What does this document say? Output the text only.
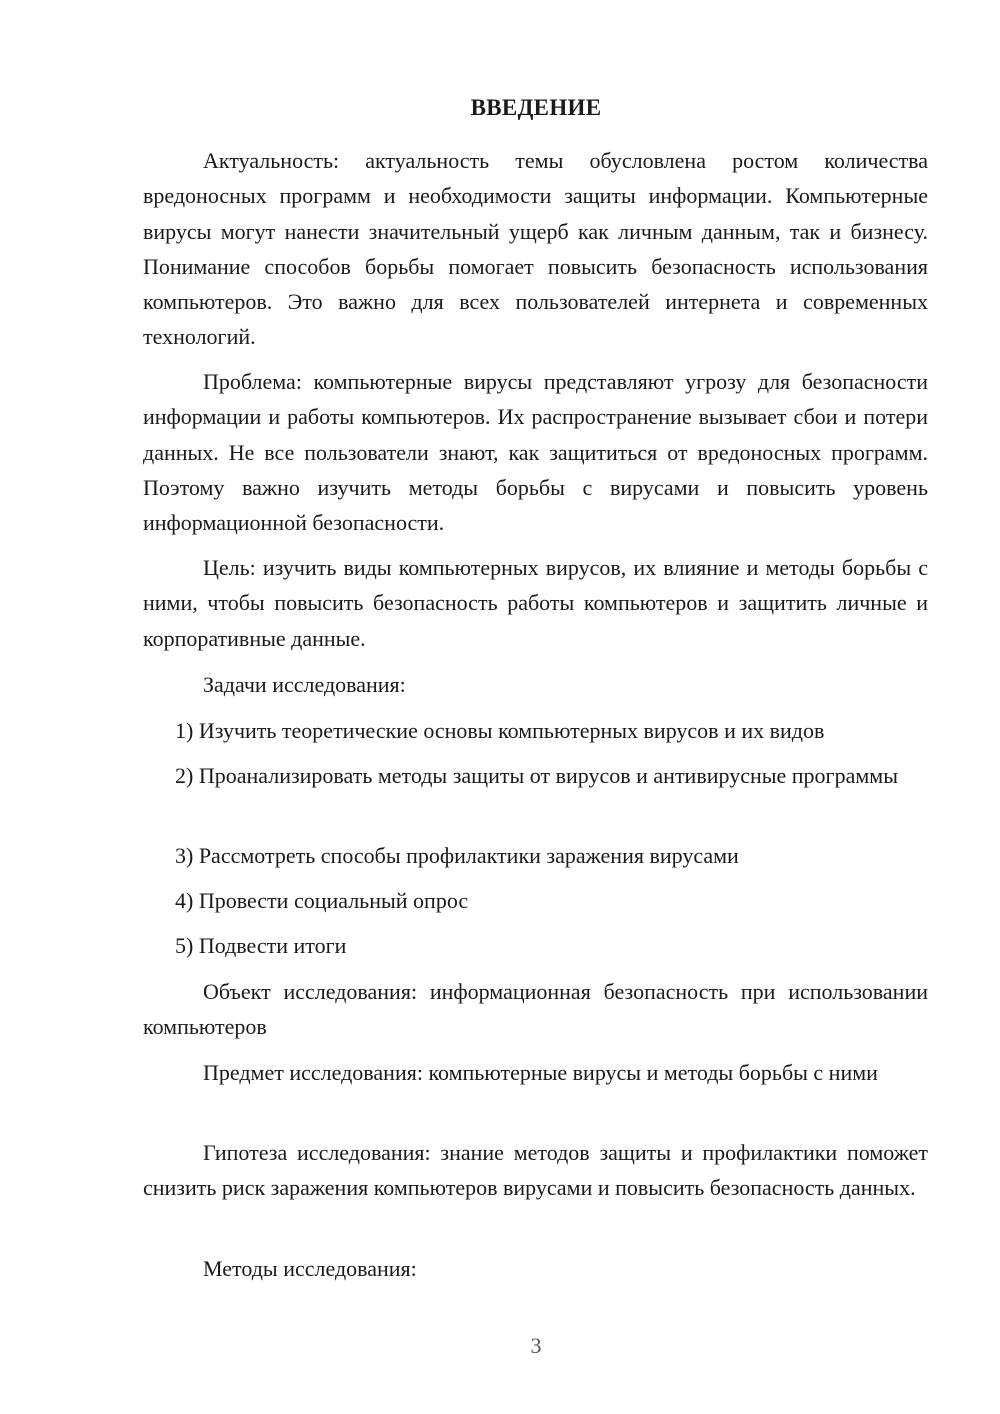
ВВЕДЕНИЕ

Актуальность: актуальность темы обусловлена ростом количества вредоносных программ и необходимости защиты информации. Компьютерные вирусы могут нанести значительный ущерб как личным данным, так и бизнесу. Понимание способов борьбы помогает повысить безопасность использования компьютеров. Это важно для всех пользователей интернета и современных технологий.

Проблема: компьютерные вирусы представляют угрозу для безопасности информации и работы компьютеров. Их распространение вызывает сбои и потери данных. Не все пользователи знают, как защититься от вредоносных программ. Поэтому важно изучить методы борьбы с вирусами и повысить уровень информационной безопасности.

Цель: изучить виды компьютерных вирусов, их влияние и методы борьбы с ними, чтобы повысить безопасность работы компьютеров и защитить личные и корпоративные данные.

Задачи исследования:

1) Изучить теоретические основы компьютерных вирусов и их видов

2) Проанализировать методы защиты от вирусов и антивирусные программы

3) Рассмотреть способы профилактики заражения вирусами

4) Провести социальный опрос

5) Подвести итоги

Объект исследования: информационная безопасность при использовании компьютеров

Предмет исследования: компьютерные вирусы и методы борьбы с ними

Гипотеза исследования: знание методов защиты и профилактики поможет снизить риск заражения компьютеров вирусами и повысить безопасность данных.

Методы исследования:

3
